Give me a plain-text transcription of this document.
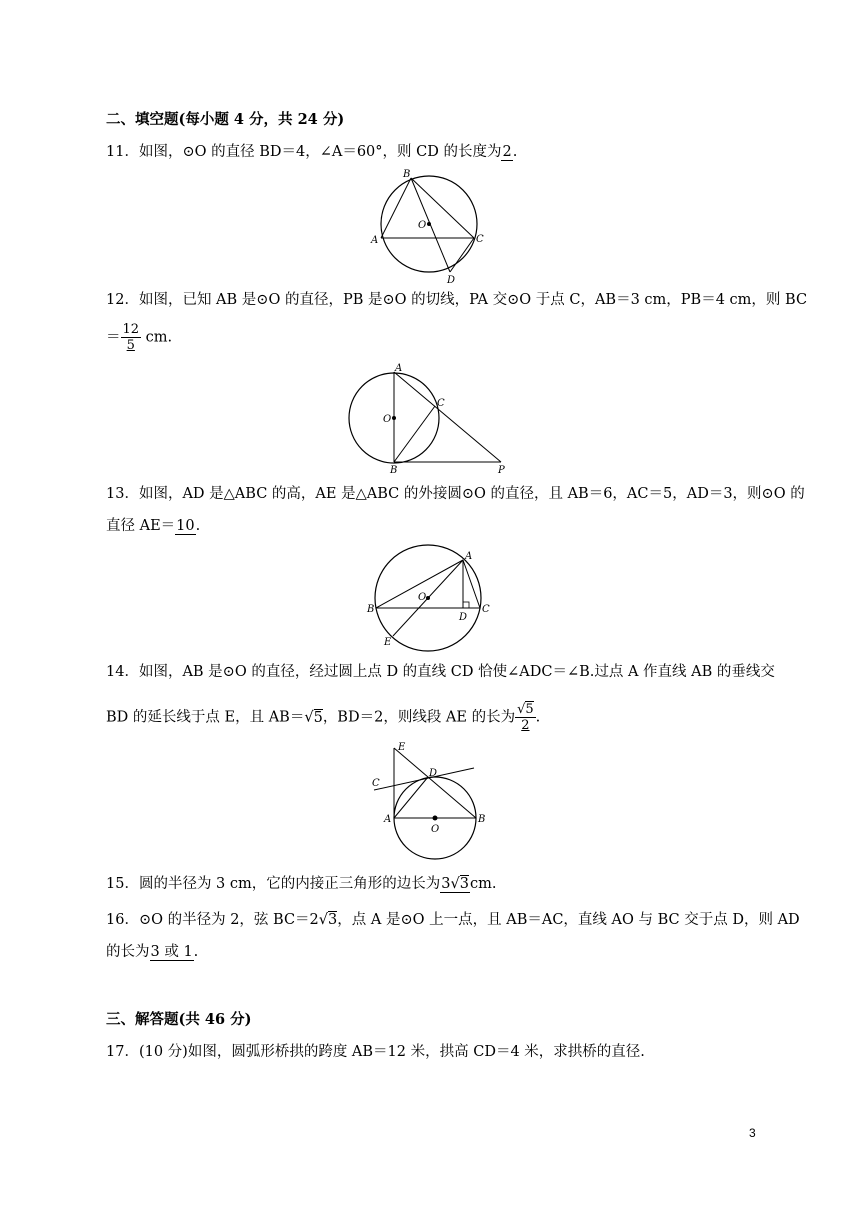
二、填空题(每小题 4 分，共 24 分)
11．如图，⊙O 的直径 BD＝4，∠A＝60°，则 CD 的长度为2.
B
O
A	C
D
12．如图，已知 AB 是⊙O 的直径，PB 是⊙O 的切线，PA 交⊙O 于点 C，AB＝3 cm，PB＝4 cm，则 BC
＝ $\frac{12}{5}$ cm.
A
O
C
B	P
13．如图，AD 是△ABC 的高，AE 是△ABC 的外接圆⊙O 的直径，且 AB＝6，AC＝5，AD＝3，则⊙O 的
直径 AE＝10.
A
B
O
D
C
E
14．如图，AB 是⊙O 的直径，经过圆上点 D 的直线 CD 恰使∠ADC＝∠B.过点 A 作直线 AB 的垂线交
BD 的延长线于点 E，且 AB＝√5，BD＝2，则线段 AE 的长为 $\frac{√5}{2}$ .
E
D
C
A
O
B
15．圆的半径为 3 cm，它的内接正三角形的边长为3√3cm.
16．⊙O 的半径为 2，弦 BC＝2√3，点 A 是⊙O 上一点，且 AB＝AC，直线 AO 与 BC 交于点 D，则 AD
的长为3 或 1.
三、解答题(共 46 分)
17．(10 分)如图，圆弧形桥拱的跨度 AB＝12 米，拱高 CD＝4 米，求拱桥的直径.
3
